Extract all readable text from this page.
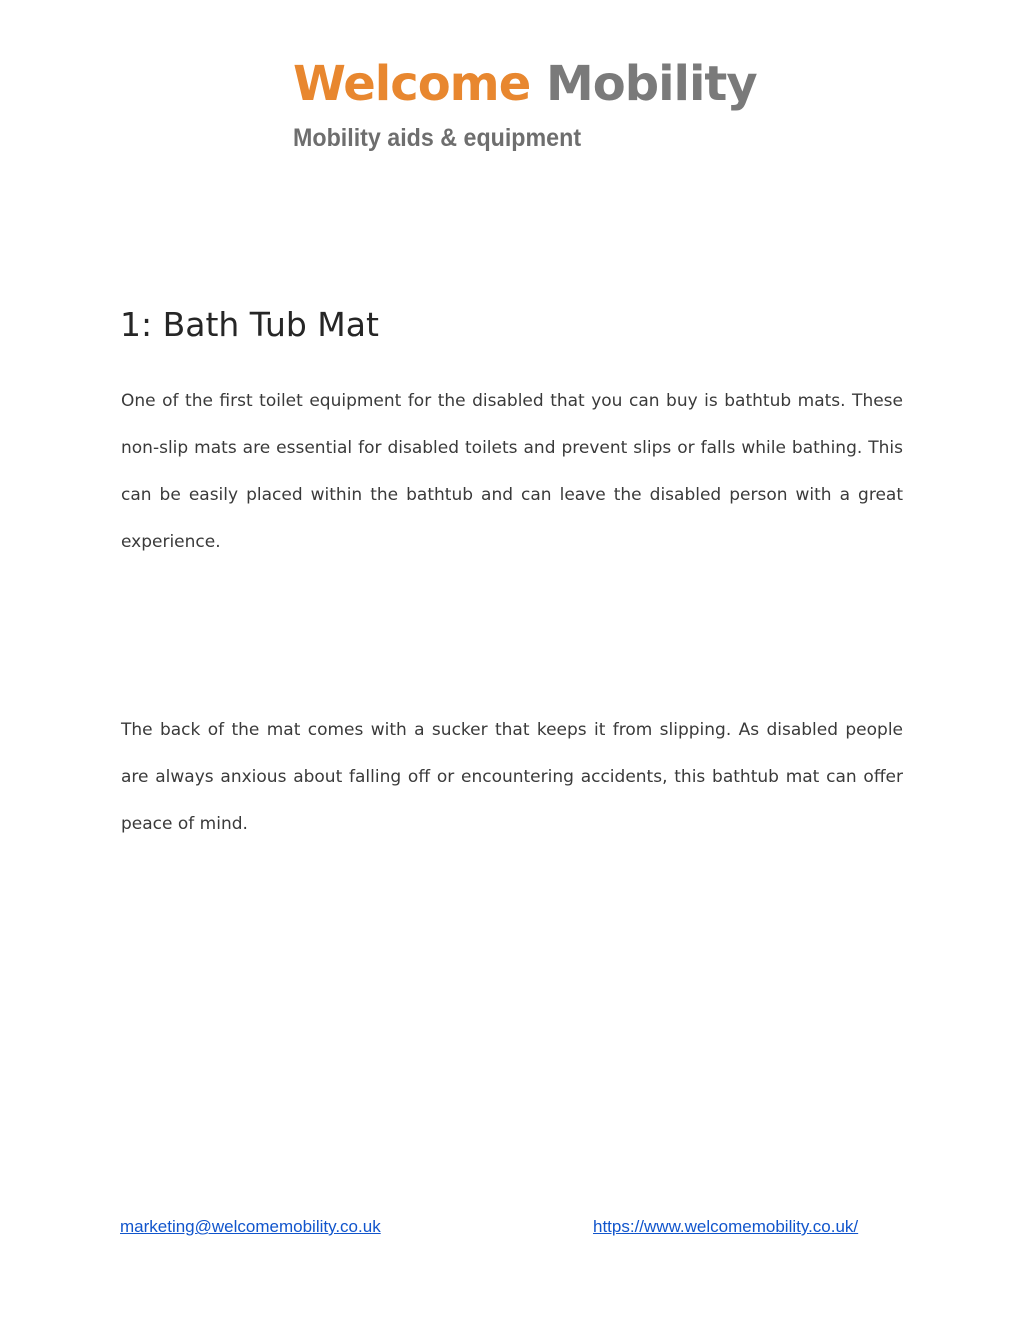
Welcome Mobility
Mobility aids & equipment
1: Bath Tub Mat

One of the first toilet equipment for the disabled that you can buy is bathtub mats. These non-slip mats are essential for disabled toilets and prevent slips or falls while bathing. This can be easily placed within the bathtub and can leave the disabled person with a great experience.

The back of the mat comes with a sucker that keeps it from slipping. As disabled people are always anxious about falling off or encountering accidents, this bathtub mat can offer peace of mind.

marketing@welcomemobility.co.uk	https://www.welcomemobility.co.uk/
